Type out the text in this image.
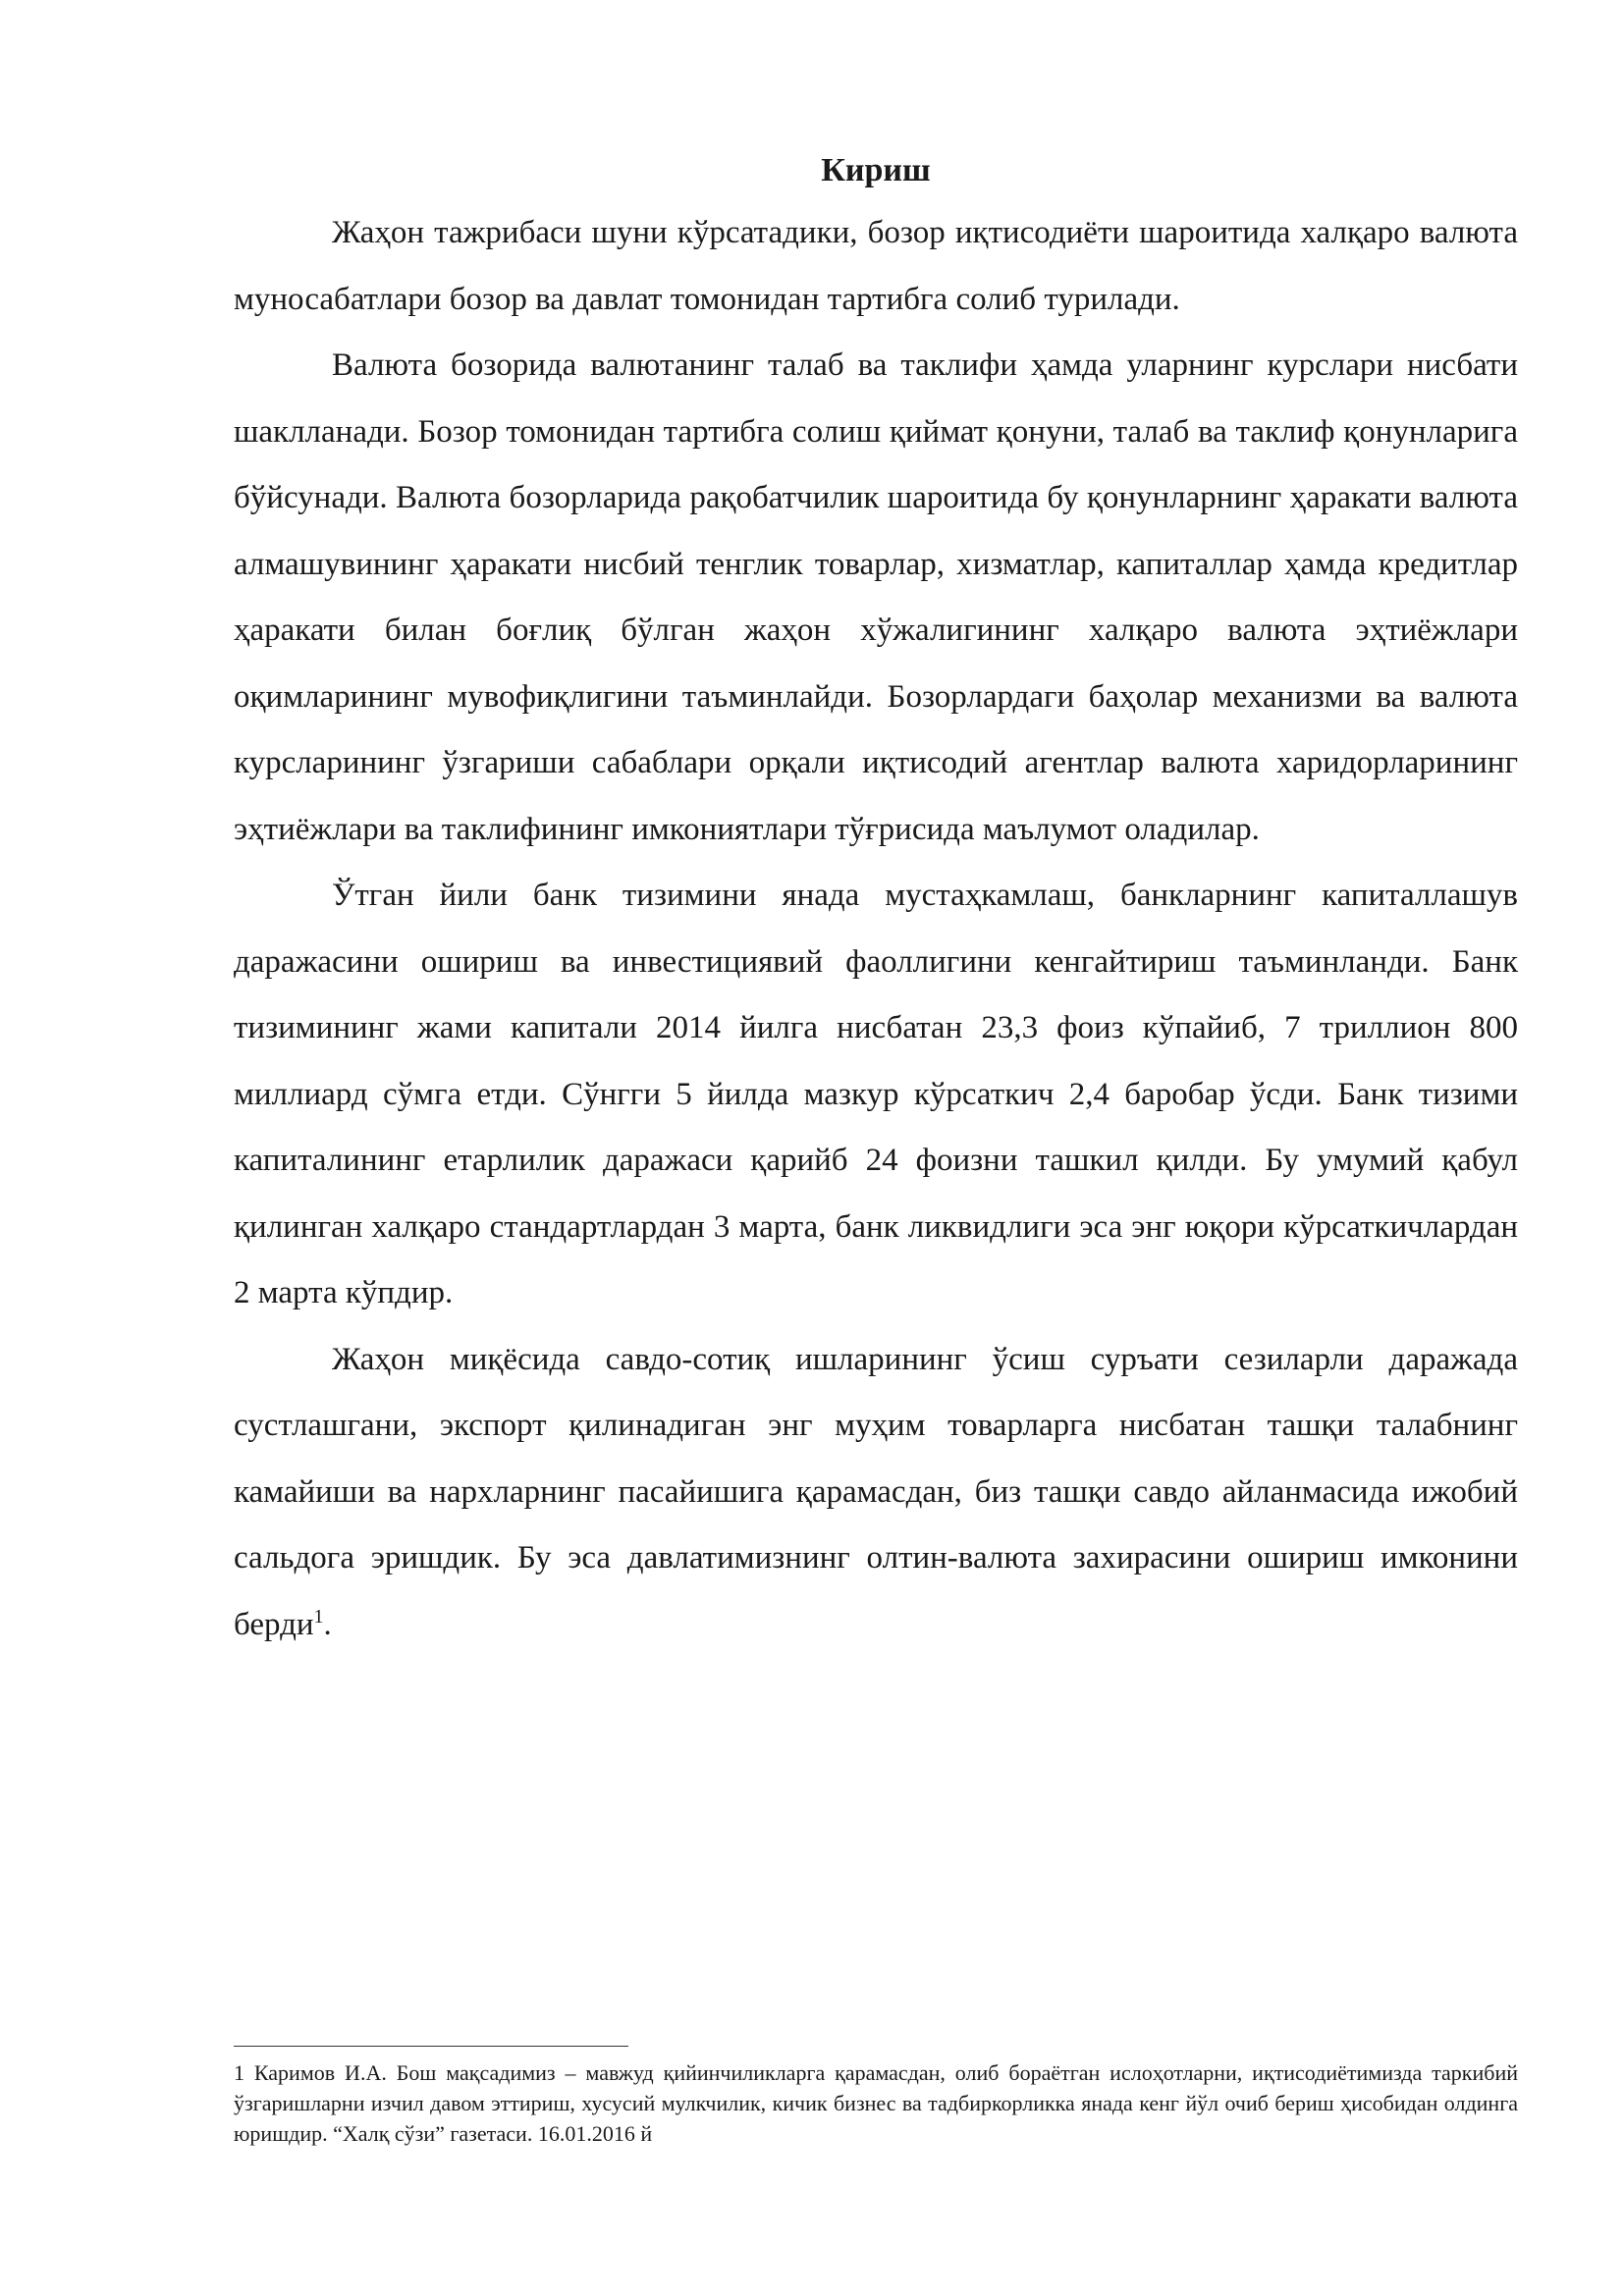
Кириш

Жаҳон тажрибаси шуни кўрсатадики, бозор иқтисодиёти шароитида халқаро валюта муносабатлари бозор ва давлат томонидан тартибга солиб турилади.

Валюта бозорида валютанинг талаб ва таклифи ҳамда уларнинг курслари нисбати шаклланади. Бозор томонидан тартибга солиш қиймат қонуни, талаб ва таклиф қонунларига бўйсунади. Валюта бозорларида рақобатчилик шароитида бу қонунларнинг ҳаракати валюта алмашувининг ҳаракати нисбий тенглик товарлар, хизматлар, капиталлар ҳамда кредитлар ҳаракати билан боғлиқ бўлган жаҳон хўжалигининг халқаро валюта эҳтиёжлари оқимларининг мувофиқлигини таъминлайди. Бозорлардаги баҳолар механизми ва валюта курсларининг ўзгариши сабаблари орқали иқтисодий агентлар валюта харидорларининг эҳтиёжлари ва таклифининг имкониятлари тўғрисида маълумот оладилар.

Ўтган йили банк тизимини янада мустаҳкамлаш, банкларнинг капиталлашув даражасини ошириш ва инвестициявий фаоллигини кенгайтириш таъминланди. Банк тизимининг жами капитали 2014 йилга нисбатан 23,3 фоиз кўпайиб, 7 триллион 800 миллиард сўмга етди. Сўнгги 5 йилда мазкур кўрсаткич 2,4 баробар ўсди. Банк тизими капиталининг етарлилик даражаси қарийб 24 фоизни ташкил қилди. Бу умумий қабул қилинган халқаро стандартлардан 3 марта, банк ликвидлиги эса энг юқори кўрсаткичлардан 2 марта кўпдир.

Жаҳон миқёсида савдо-сотиқ ишларининг ўсиш суръати сезиларли даражада сустлашгани, экспорт қилинадиган энг муҳим товарларга нисбатан ташқи талабнинг камайиши ва нархларнинг пасайишига қарамасдан, биз ташқи савдо айланмасида ижобий сальдога эришдик. Бу эса давлатимизнинг олтин-валюта захирасини ошириш имконини берди$^1$.

1 Каримов И.А. Бош мақсадимиз – мавжуд қийинчиликларга қарамасдан, олиб бораётган ислоҳотларни, иқтисодиётимизда таркибий ўзгаришларни изчил давом эттириш, хусусий мулкчилик, кичик бизнес ва тадбиркорликка янада кенг йўл очиб бериш ҳисобидан олдинга юришдир. “Халқ сўзи” газетаси. 16.01.2016 й
